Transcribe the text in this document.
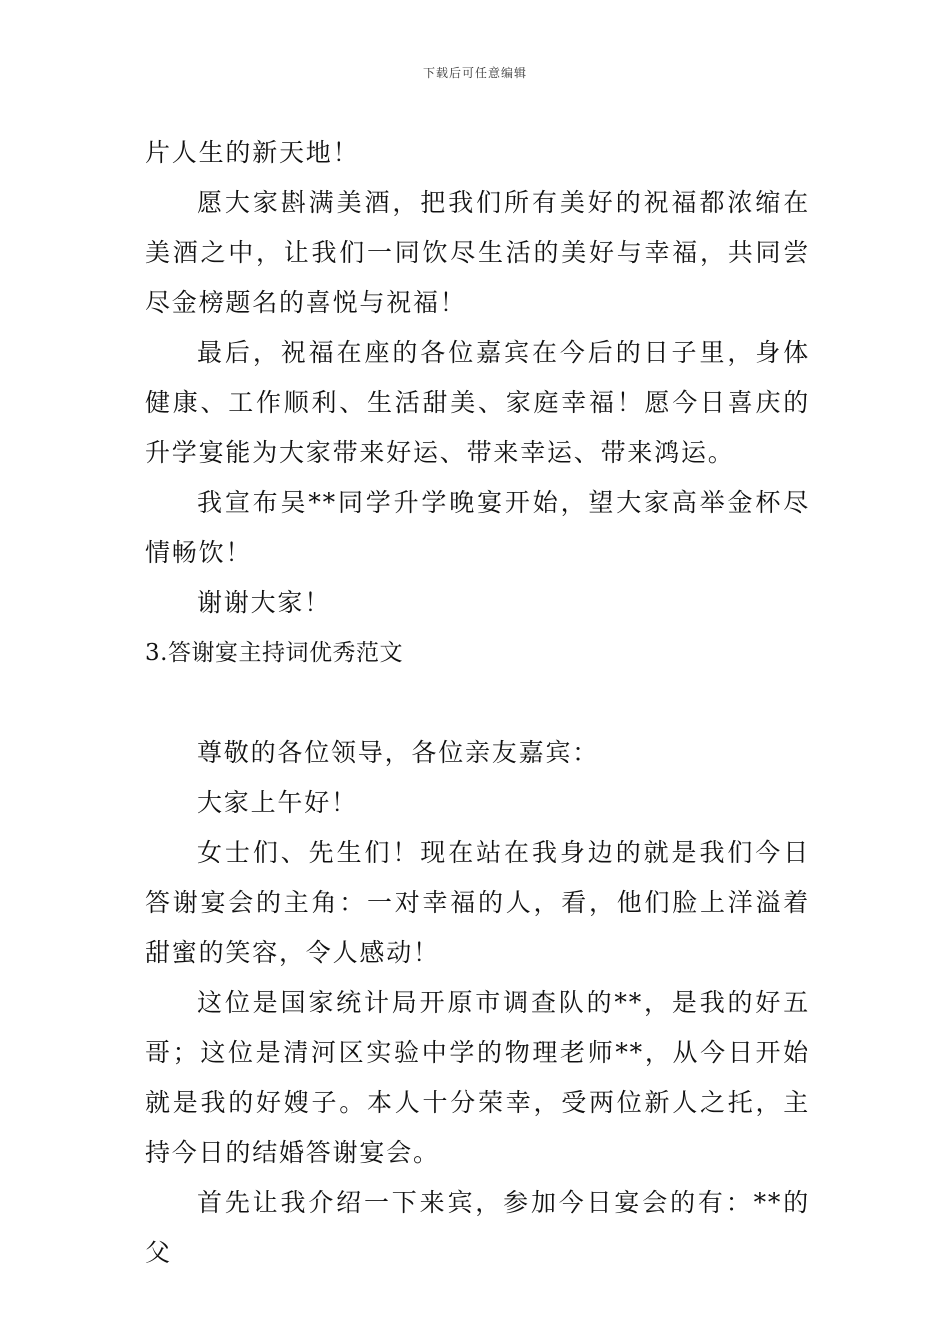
下载后可任意编辑

片人生的新天地！

愿大家斟满美酒，把我们所有美好的祝福都浓缩在美酒之中，让我们一同饮尽生活的美好与幸福，共同尝尽金榜题名的喜悦与祝福！

最后，祝福在座的各位嘉宾在今后的日子里，身体健康、工作顺利、生活甜美、家庭幸福！愿今日喜庆的升学宴能为大家带来好运、带来幸运、带来鸿运。

我宣布吴**同学升学晚宴开始，望大家高举金杯尽情畅饮！

谢谢大家！

3.答谢宴主持词优秀范文

尊敬的各位领导，各位亲友嘉宾：

大家上午好！

女士们、先生们！现在站在我身边的就是我们今日答谢宴会的主角：一对幸福的人，看，他们脸上洋溢着甜蜜的笑容，令人感动！

这位是国家统计局开原市调查队的**，是我的好五哥；这位是清河区实验中学的物理老师**，从今日开始就是我的好嫂子。本人十分荣幸，受两位新人之托，主持今日的结婚答谢宴会。

首先让我介绍一下来宾，参加今日宴会的有：**的父
